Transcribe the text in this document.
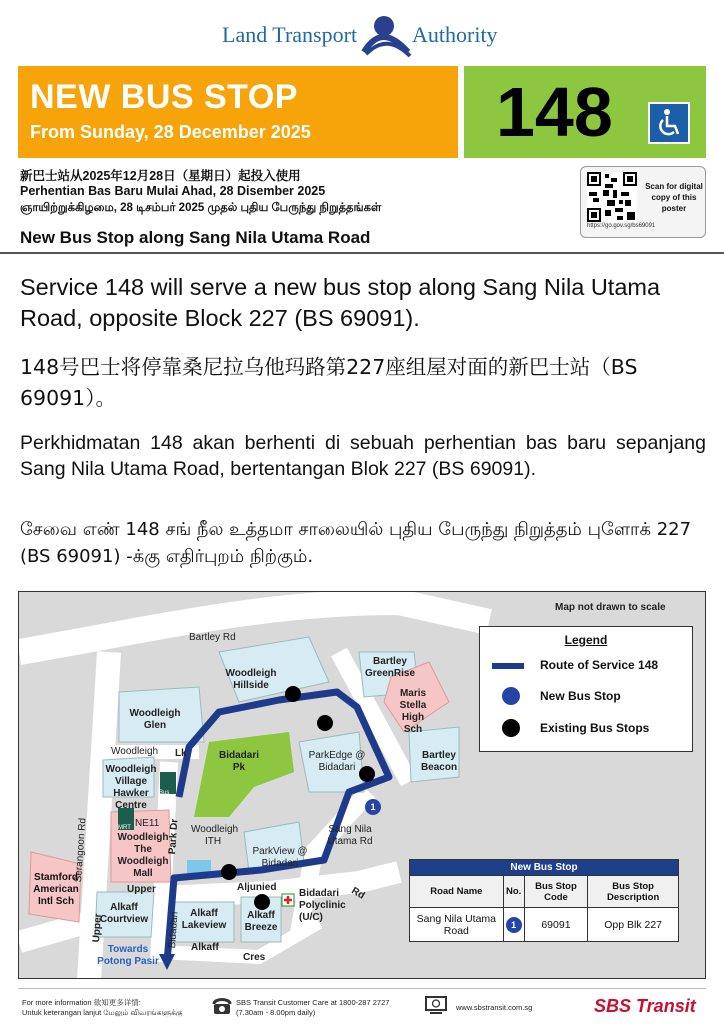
Land Transport Authority
NEW BUS STOP
From Sunday, 28 December 2025	148
新巴士站从2025年12月28日（星期日）起投入使用
Perhentian Bas Baru Mulai Ahad, 28 Disember 2025
ஞாயிற்றுக்கிழமை, 28 டிசம்பர் 2025 முதல் புதிய பேருந்து நிறுத்தங்கள்
New Bus Stop along Sang Nila Utama Road
https://go.gov.sg/bs69091
Scan for digital copy of this poster
Service 148 will serve a new bus stop along Sang Nila Utama Road, opposite Block 227 (BS 69091).
148号巴士将停靠桑尼拉乌他玛路第227座组屋对面的新巴士站（BS 69091）。
Perkhidmatan 148 akan berhenti di sebuah perhentian bas baru sepanjang Sang Nila Utama Road, bertentangan Blok 227 (BS 69091).
சேவை எண் 148 சங் நீல உத்தமா சாலையில் புதிய பேருந்து நிறுத்தம் புளோக் 227 (BS 69091) -க்கு எதிர்புறம் நிற்கும்.
Map not drawn to scale
Bartley Rd
Woodleigh Hillside
Bartley GreenRise
Maris Stella High Sch
Woodleigh Glen
Woodleigh Lk	Bidadari Pk
ParkEdge @ Bidadari
Bartley Beacon
Woodleigh Village Hawker Centre
Bus
MRT NE11
Woodleigh The Woodleigh Mall
Serangoon Rd	Woodleigh ITH
Park Dr	Sang Nila Utama Rd
ParkView @ Bidadari
Stamford American Intl Sch
Upper
Upper	Aljunied
Bidadari Polyclinic (U/C)
Alkaff Courtview
Alkaff Lakeview
Alkaff Breeze
Bidadari
Rd
Alkaff
Cres
Towards Potong Pasir
1
Legend
Route of Service 148
New Bus Stop
Existing Bus Stops
New Bus Stop			
Road Name	No.	Bus Stop Code	Bus Stop Description
Sang Nila Utama Road	1	69091	Opp Blk 227
For more information 欲知更多详情:
Untuk keterangan lanjut மேலும் விவரங்களுக்கு
SBS Transit Customer Care at 1800-287 2727
(7.30am - 8.00pm daily)
www.sbstransit.com.sg	SBS Transit
